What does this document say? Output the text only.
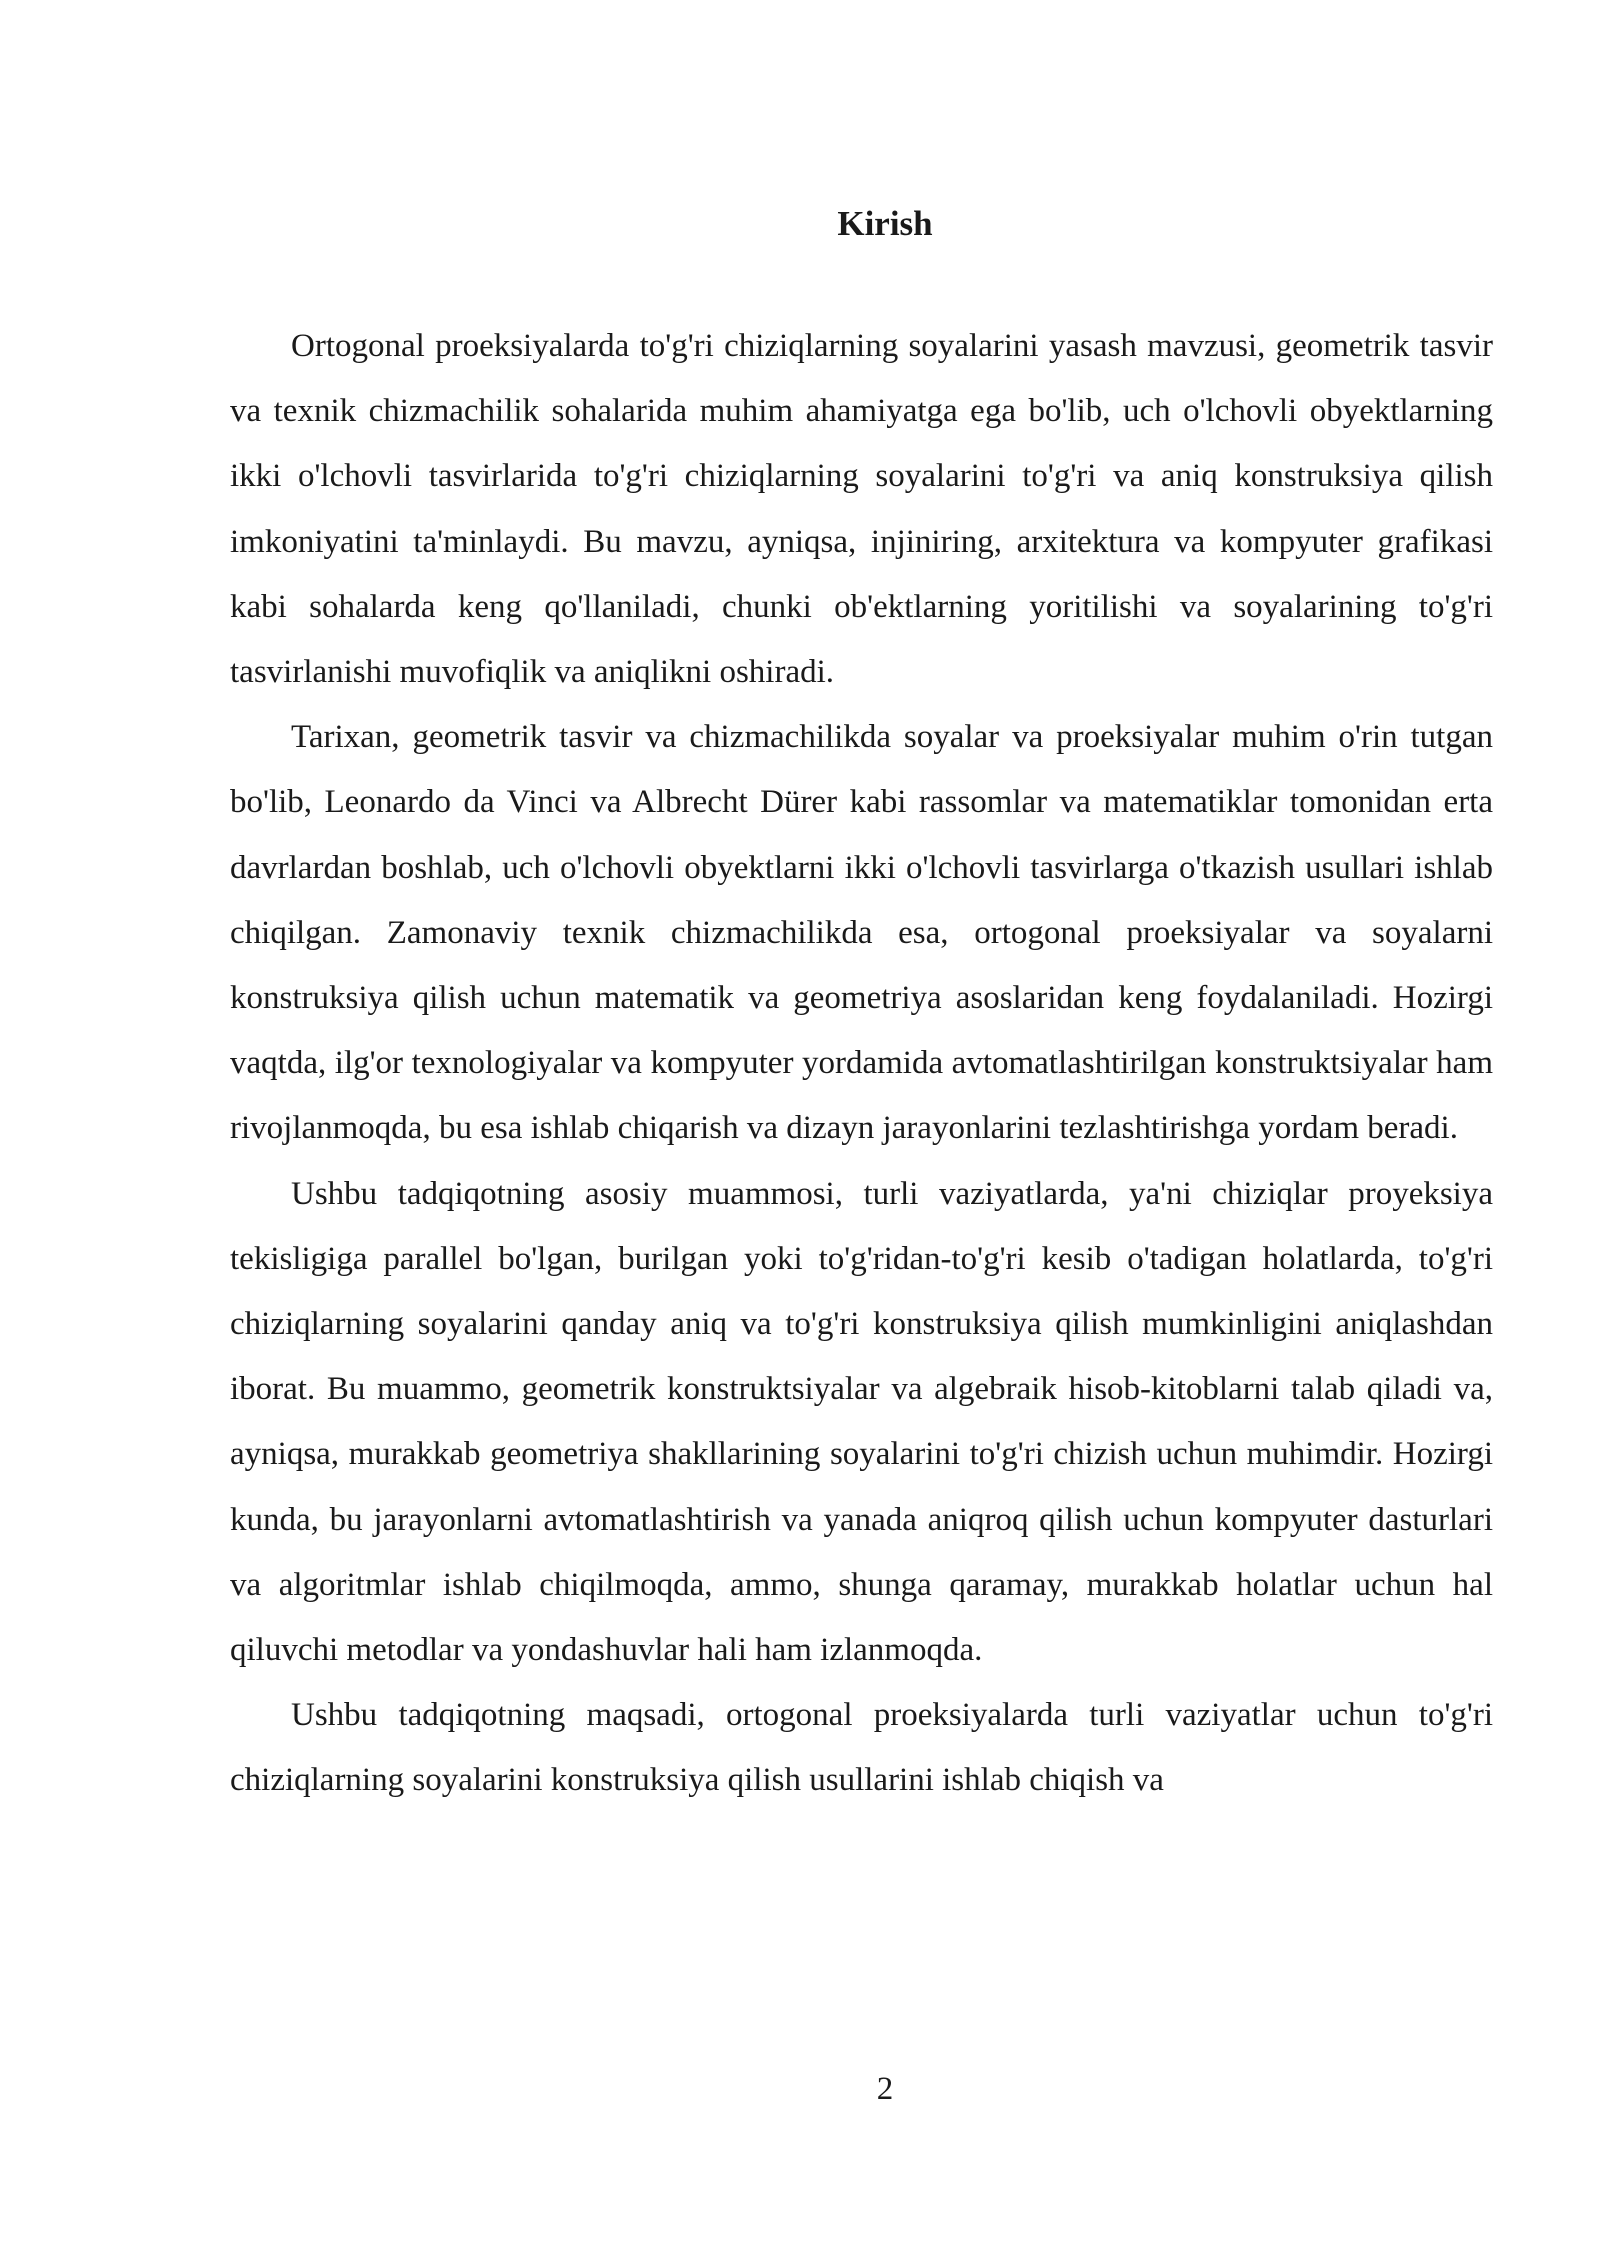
Kirish

Ortogonal proeksiyalarda to'g'ri chiziqlarning soyalarini yasash mavzusi, geometrik tasvir va texnik chizmachilik sohalarida muhim ahamiyatga ega bo'lib, uch o'lchovli obyektlarning ikki o'lchovli tasvirlarida to'g'ri chiziqlarning soyalarini to'g'ri va aniq konstruksiya qilish imkoniyatini ta'minlaydi. Bu mavzu, ayniqsa, injiniring, arxitektura va kompyuter grafikasi kabi sohalarda keng qo'llaniladi, chunki ob'ektlarning yoritilishi va soyalarining to'g'ri tasvirlanishi muvofiqlik va aniqlikni oshiradi.

Tarixan, geometrik tasvir va chizmachilikda soyalar va proeksiyalar muhim o'rin tutgan bo'lib, Leonardo da Vinci va Albrecht Dürer kabi rassomlar va matematiklar tomonidan erta davrlardan boshlab, uch o'lchovli obyektlarni ikki o'lchovli tasvirlarga o'tkazish usullari ishlab chiqilgan. Zamonaviy texnik chizmachilikda esa, ortogonal proeksiyalar va soyalarni konstruksiya qilish uchun matematik va geometriya asoslaridan keng foydalaniladi. Hozirgi vaqtda, ilg'or texnologiyalar va kompyuter yordamida avtomatlashtirilgan konstruktsiyalar ham rivojlanmoqda, bu esa ishlab chiqarish va dizayn jarayonlarini tezlashtirishga yordam beradi.

Ushbu tadqiqotning asosiy muammosi, turli vaziyatlarda, ya'ni chiziqlar proyeksiya tekisligiga parallel bo'lgan, burilgan yoki to'g'ridan-to'g'ri kesib o'tadigan holatlarda, to'g'ri chiziqlarning soyalarini qanday aniq va to'g'ri konstruksiya qilish mumkinligini aniqlashdan iborat. Bu muammo, geometrik konstruktsiyalar va algebraik hisob-kitoblarni talab qiladi va, ayniqsa, murakkab geometriya shakllarining soyalarini to'g'ri chizish uchun muhimdir. Hozirgi kunda, bu jarayonlarni avtomatlashtirish va yanada aniqroq qilish uchun kompyuter dasturlari va algoritmlar ishlab chiqilmoqda, ammo, shunga qaramay, murakkab holatlar uchun hal qiluvchi metodlar va yondashuvlar hali ham izlanmoqda.

Ushbu tadqiqotning maqsadi, ortogonal proeksiyalarda turli vaziyatlar uchun to'g'ri chiziqlarning soyalarini konstruksiya qilish usullarini ishlab chiqish va

2
